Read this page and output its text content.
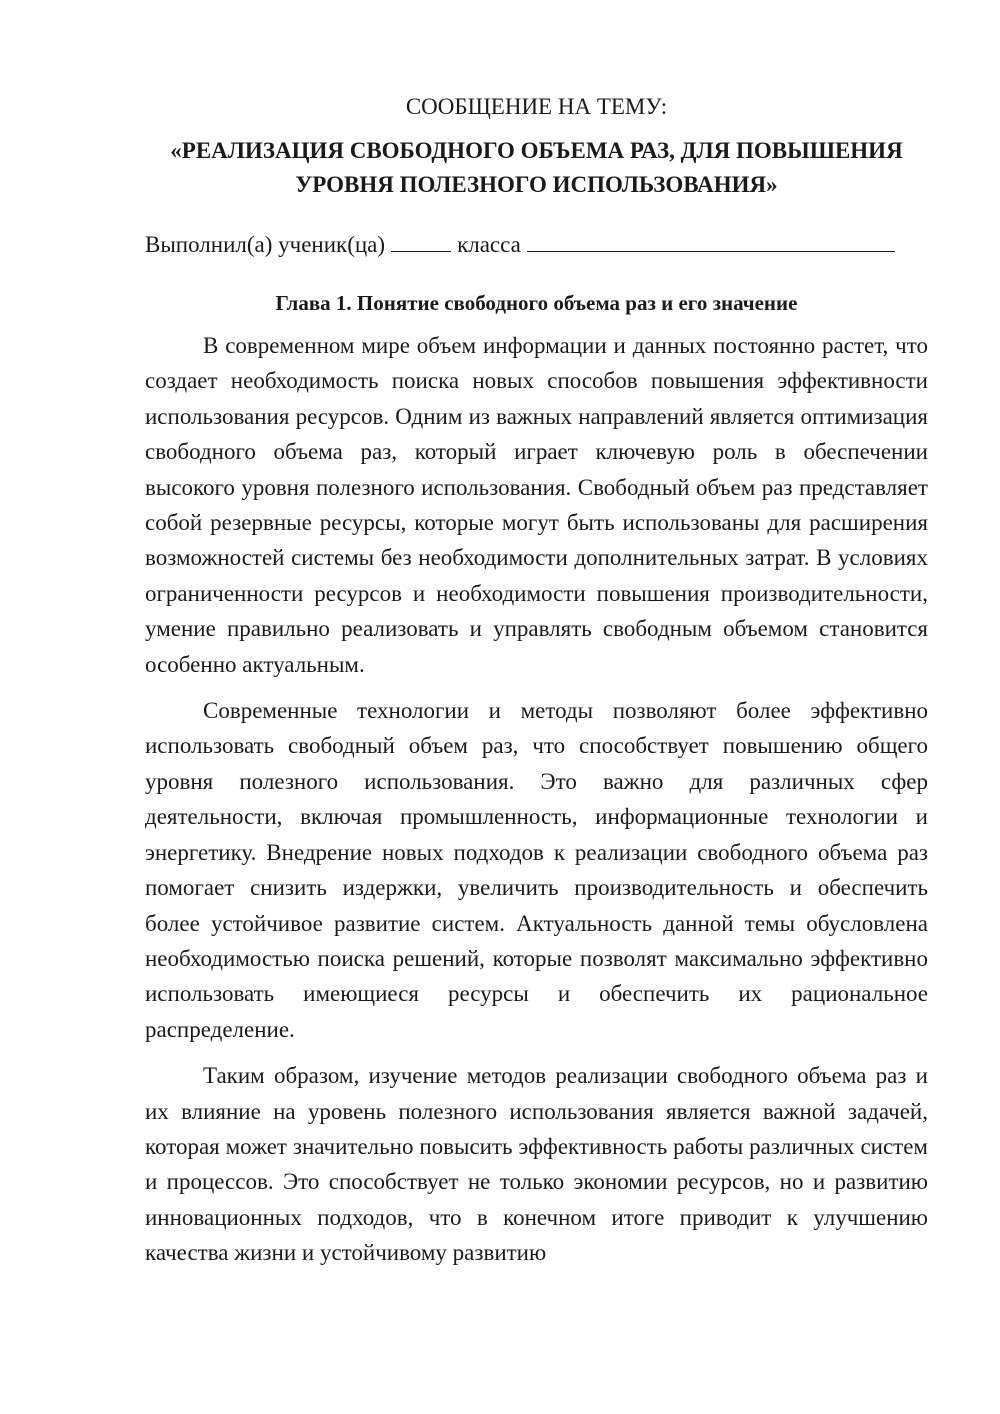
СООБЩЕНИЕ НА ТЕМУ:

«РЕАЛИЗАЦИЯ СВОБОДНОГО ОБЪЕМА РАЗ, ДЛЯ ПОВЫШЕНИЯ
УРОВНЯ ПОЛЕЗНОГО ИСПОЛЬЗОВАНИЯ»

Выполнил(а) ученик(ца)	класса

Глава 1. Понятие свободного объема раз и его значение

В современном мире объем информации и данных постоянно растет, что создает необходимость поиска новых способов повышения эффективности использования ресурсов. Одним из важных направлений является оптимизация свободного объема раз, который играет ключевую роль в обеспечении высокого уровня полезного использования. Свободный объем раз представляет собой резервные ресурсы, которые могут быть использованы для расширения возможностей системы без необходимости дополнительных затрат. В условиях ограниченности ресурсов и необходимости повышения производительности, умение правильно реализовать и управлять свободным объемом становится особенно актуальным.

Современные технологии и методы позволяют более эффективно использовать свободный объем раз, что способствует повышению общего уровня полезного использования. Это важно для различных сфер деятельности, включая промышленность, информационные технологии и энергетику. Внедрение новых подходов к реализации свободного объема раз помогает снизить издержки, увеличить производительность и обеспечить более устойчивое развитие систем. Актуальность данной темы обусловлена необходимостью поиска решений, которые позволят максимально эффективно использовать имеющиеся ресурсы и обеспечить их рациональное распределение.

Таким образом, изучение методов реализации свободного объема раз и их влияние на уровень полезного использования является важной задачей, которая может значительно повысить эффективность работы различных систем и процессов. Это способствует не только экономии ресурсов, но и развитию инновационных подходов, что в конечном итоге приводит к улучшению качества жизни и устойчивому развитию
